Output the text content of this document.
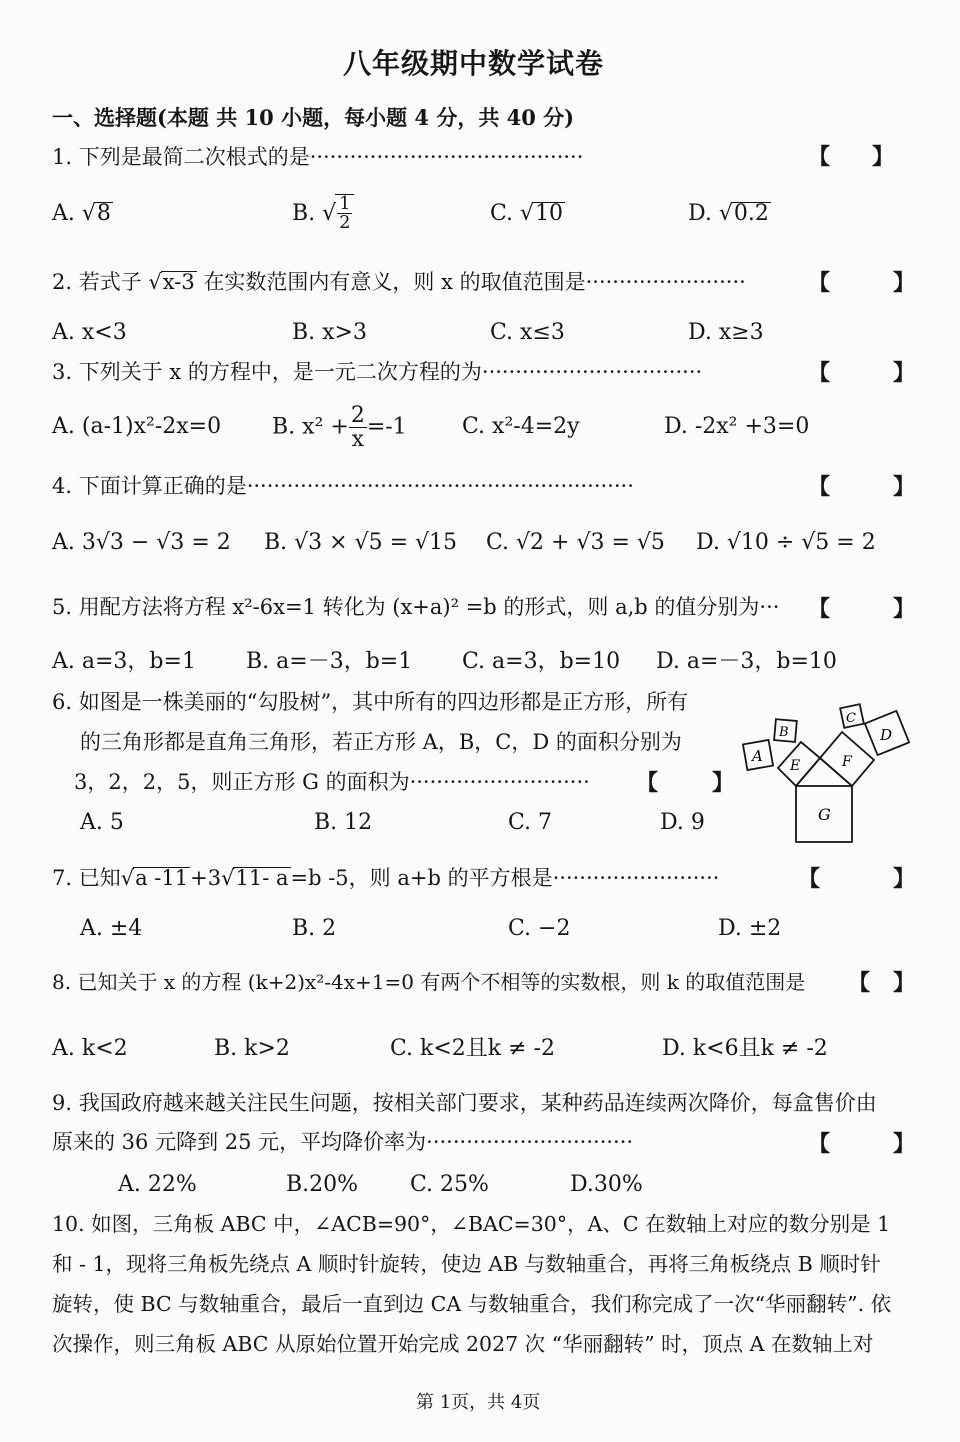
八年级期中数学试卷
一、选择题(本题 共 10 小题，每小题 4 分，共 40 分)
1. 下列是最简二次根式的是·········································	【 】
A. √8	B. √ $\frac{1}{2}$	C. √10	D. √0.2
2. 若式子 √x-3 在实数范围内有意义，则 x 的取值范围是························	【	】
A. x<3	B. x>3	C. x≤3	D. x≥3
3. 下列关于 x 的方程中，是一元二次方程的为·································	【	】
A. (a-1)x²-2x=0 B. $x^2 + \frac{2}{x} =-1$	C. x²-4=2y	D. -2x² +3=0
4. 下面计算正确的是··························································	【	】
A. 3√3 − √3 = 2 B. √3 × √5 = √15 C. √2 + √3 = √5 D. √10 ÷ √5 = 2
5. 用配方法将方程 x²-6x=1 转化为 (x+a)² =b 的形式，则 a,b 的值分别为··· 【	】
A. a=3，b=1 B. a=－3，b=1 C. a=3，b=10 D. a=－3，b=10
6. 如图是一株美丽的“勾股树”，其中所有的四边形都是正方形，所有
的三角形都是直角三角形，若正方形 A，B，C，D 的面积分别为
3，2，2，5，则正方形 G 的面积为··························· 【 】
A. 5	B. 12	C. 7	D. 9
A
B
C
D
E	F
G
7. 已知√a -11+3√11- a=b -5，则 a+b 的平方根是·························	【	】
A. ±4	B. 2	C. −2	D. ±2
8. 已知关于 x 的方程 (k+2)x²-4x+1=0 有两个不相等的实数根，则 k 的取值范围是 【 】
A. k<2	B. k>2	C. k<2且k ≠ -2	D. k<6且k ≠ -2
9. 我国政府越来越关注民生问题，按相关部门要求，某种药品连续两次降价，每盒售价由
原来的 36 元降到 25 元，平均降价率为·······························	【	】
A. 22%	B.20% C. 25%	D.30%
10. 如图，三角板 ABC 中，∠ACB=90°，∠BAC=30°，A、C 在数轴上对应的数分别是 1
和 - 1，现将三角板先绕点 A 顺时针旋转，使边 AB 与数轴重合，再将三角板绕点 B 顺时针
旋转，使 BC 与数轴重合，最后一直到边 CA 与数轴重合，我们称完成了一次“华丽翻转”. 依
次操作，则三角板 ABC 从原始位置开始完成 2027 次 “华丽翻转” 时，顶点 A 在数轴上对
第 1页，共 4页
